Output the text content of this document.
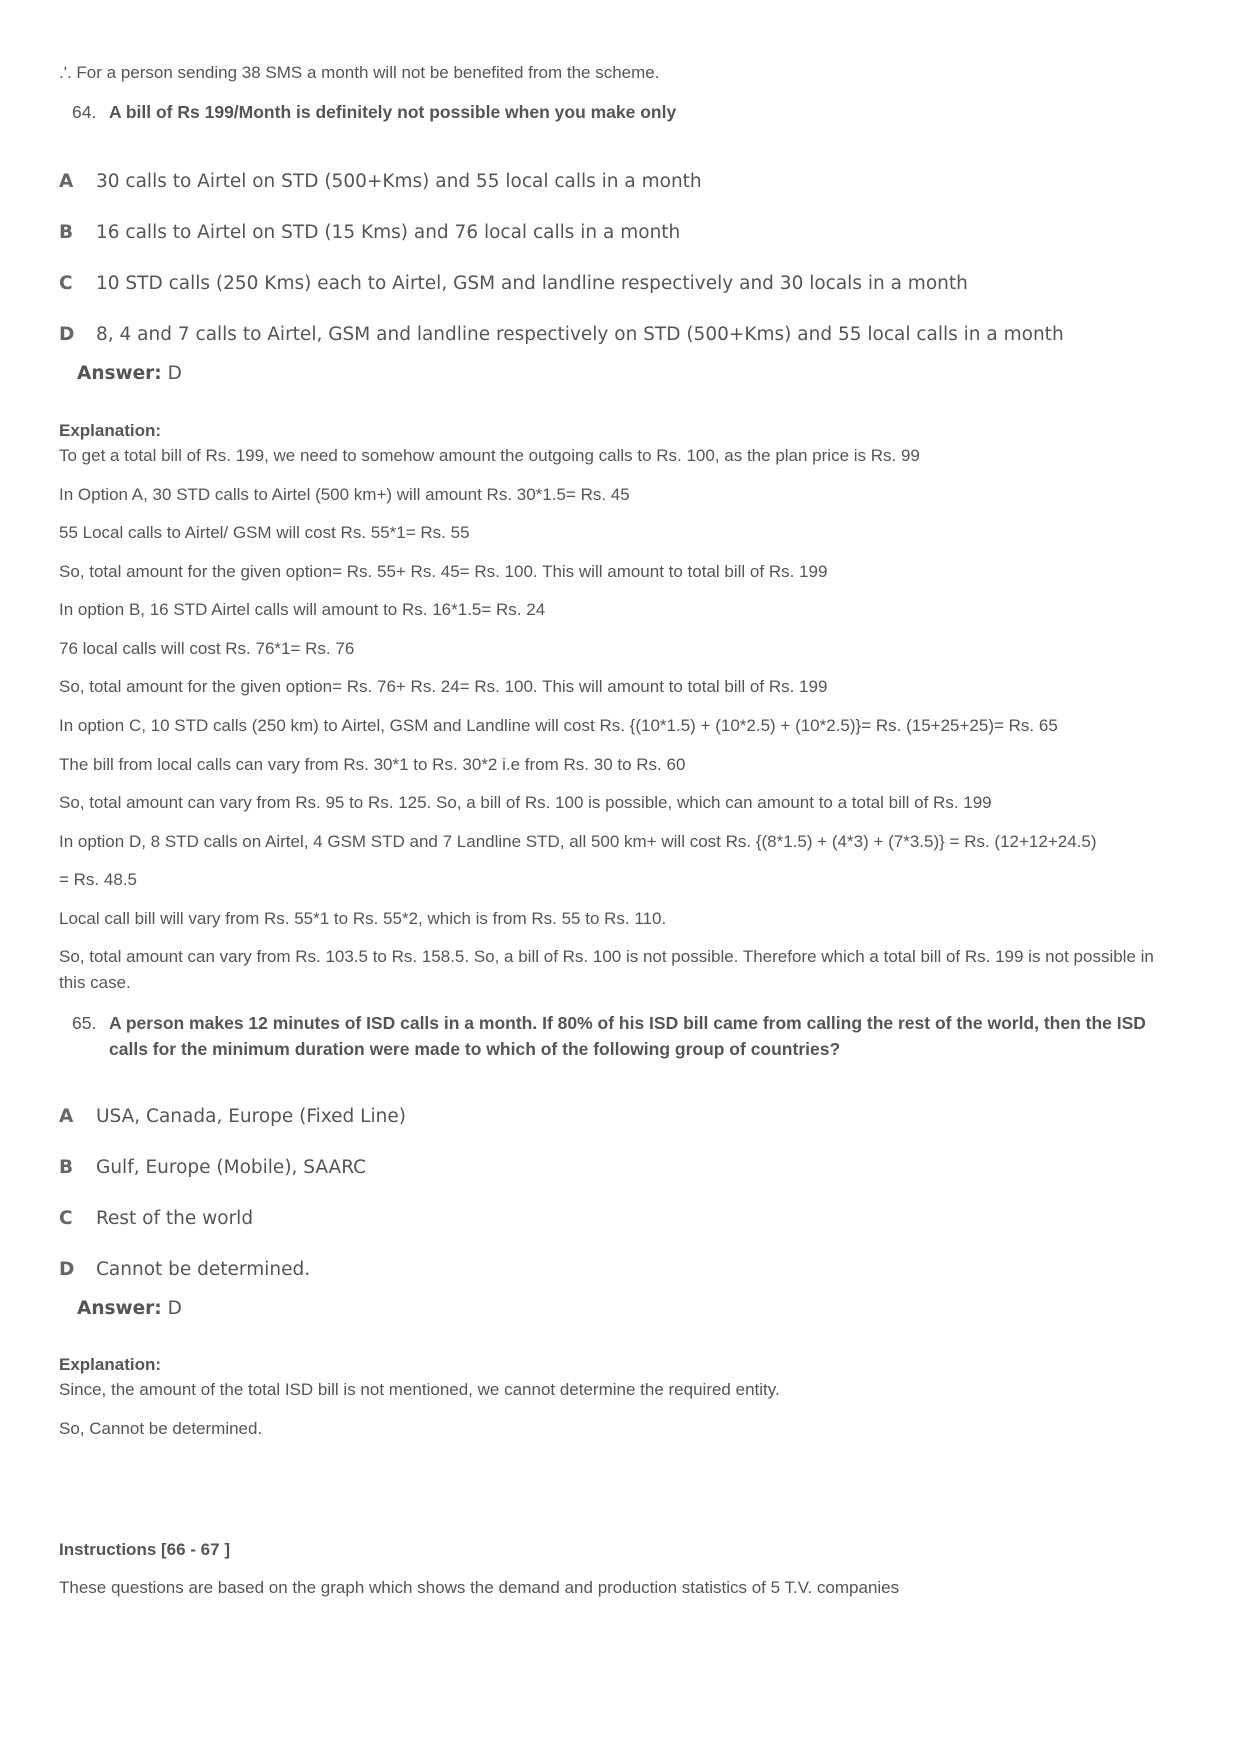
.'. For a person sending 38 SMS a month will not be benefited from the scheme.
64. A bill of Rs 199/Month is definitely not possible when you make only
A	30 calls to Airtel on STD (500+Kms) and 55 local calls in a month
B	16 calls to Airtel on STD (15 Kms) and 76 local calls in a month
C	10 STD calls (250 Kms) each to Airtel, GSM and landline respectively and 30 locals in a month
D	8, 4 and 7 calls to Airtel, GSM and landline respectively on STD (500+Kms) and 55 local calls in a month
Answer: D
Explanation:
To get a total bill of Rs. 199, we need to somehow amount the outgoing calls to Rs. 100, as the plan price is Rs. 99
In Option A, 30 STD calls to Airtel (500 km+) will amount Rs. 30*1.5= Rs. 45
55 Local calls to Airtel/ GSM will cost Rs. 55*1= Rs. 55
So, total amount for the given option= Rs. 55+ Rs. 45= Rs. 100. This will amount to total bill of Rs. 199
In option B, 16 STD Airtel calls will amount to Rs. 16*1.5= Rs. 24
76 local calls will cost Rs. 76*1= Rs. 76
So, total amount for the given option= Rs. 76+ Rs. 24= Rs. 100. This will amount to total bill of Rs. 199
In option C, 10 STD calls (250 km) to Airtel, GSM and Landline will cost Rs. {(10*1.5) + (10*2.5) + (10*2.5)}= Rs. (15+25+25)= Rs. 65
The bill from local calls can vary from Rs. 30*1 to Rs. 30*2 i.e from Rs. 30 to Rs. 60
So, total amount can vary from Rs. 95 to Rs. 125. So, a bill of Rs. 100 is possible, which can amount to a total bill of Rs. 199
In option D, 8 STD calls on Airtel, 4 GSM STD and 7 Landline STD, all 500 km+ will cost Rs. {(8*1.5) + (4*3) + (7*3.5)} = Rs. (12+12+24.5)
= Rs. 48.5
Local call bill will vary from Rs. 55*1 to Rs. 55*2, which is from Rs. 55 to Rs. 110.
So, total amount can vary from Rs. 103.5 to Rs. 158.5. So, a bill of Rs. 100 is not possible. Therefore which a total bill of Rs. 199 is not possible in this case.
65. A person makes 12 minutes of ISD calls in a month. If 80% of his ISD bill came from calling the rest of the world, then the ISD calls for the minimum duration were made to which of the following group of countries?
A	USA, Canada, Europe (Fixed Line)
B	Gulf, Europe (Mobile), SAARC
C	Rest of the world
D	Cannot be determined.
Answer: D
Explanation:
Since, the amount of the total ISD bill is not mentioned, we cannot determine the required entity.
So, Cannot be determined.
Instructions [66 - 67 ]
These questions are based on the graph which shows the demand and production statistics of 5 T.V. companies
